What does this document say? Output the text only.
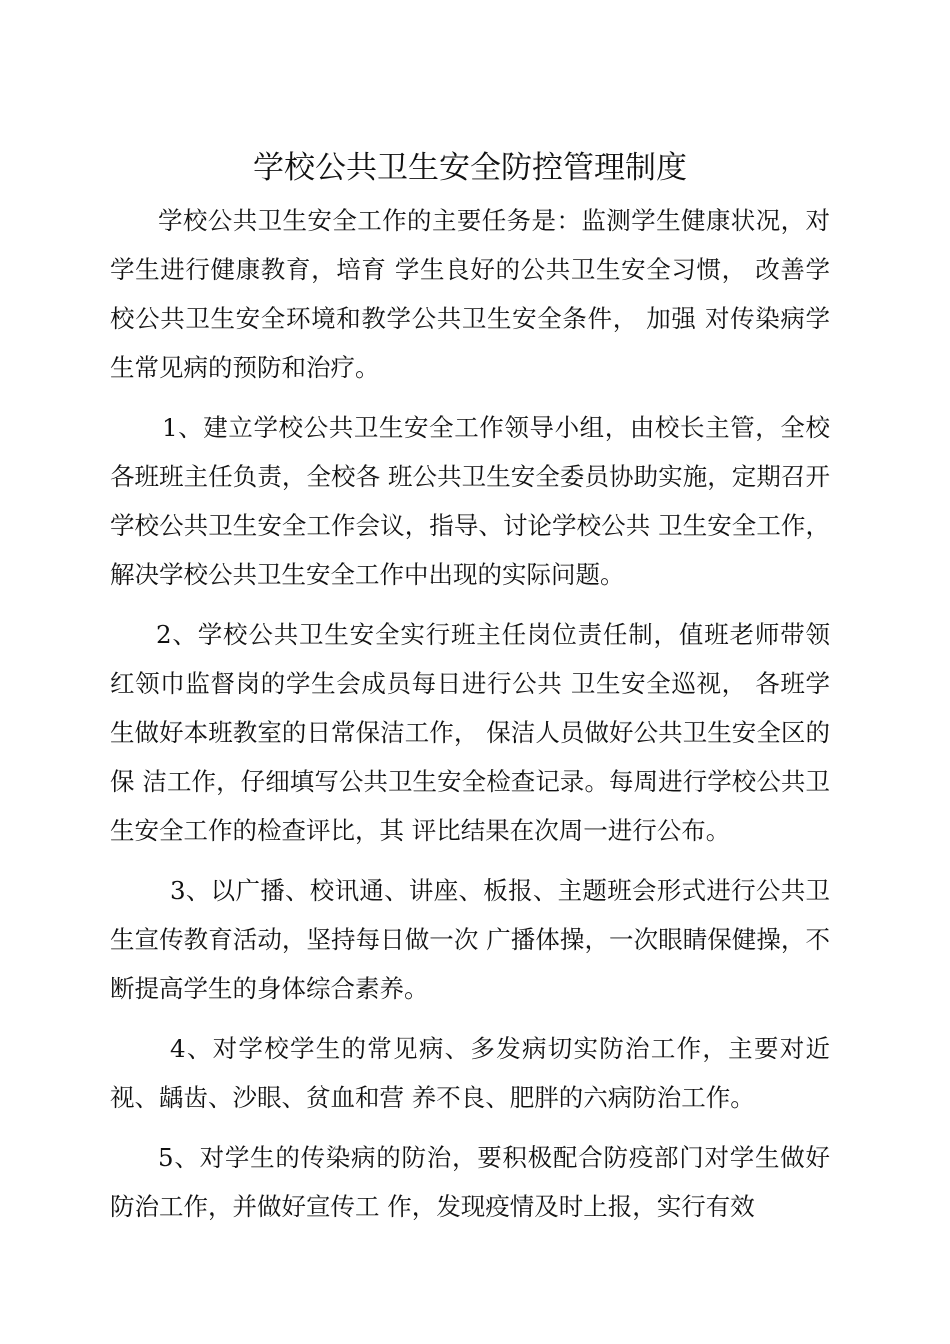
学校公共卫生安全防控管理制度

学校公共卫生安全工作的主要任务是：监测学生健康状况，对学生进行健康教育，培育 学生良好的公共卫生安全习惯， 改善学校公共卫生安全环境和教学公共卫生安全条件， 加强 对传染病学生常见病的预防和治疗。

1、建立学校公共卫生安全工作领导小组，由校长主管，全校各班班主任负责，全校各 班公共卫生安全委员协助实施，定期召开学校公共卫生安全工作会议，指导、讨论学校公共 卫生安全工作，解决学校公共卫生安全工作中出现的实际问题。

2、学校公共卫生安全实行班主任岗位责任制，值班老师带领红领巾监督岗的学生会成员每日进行公共 卫生安全巡视， 各班学生做好本班教室的日常保洁工作， 保洁人员做好公共卫生安全区的保 洁工作，仔细填写公共卫生安全检查记录。每周进行学校公共卫生安全工作的检查评比，其 评比结果在次周一进行公布。

3、以广播、校讯通、讲座、板报、主题班会形式进行公共卫生宣传教育活动，坚持每日做一次 广播体操，一次眼睛保健操，不断提高学生的身体综合素养。

4、对学校学生的常见病、多发病切实防治工作，主要对近视、龋齿、沙眼、贫血和营 养不良、肥胖的六病防治工作。

5、对学生的传染病的防治，要积极配合防疫部门对学生做好防治工作，并做好宣传工 作，发现疫情及时上报，实行有效
